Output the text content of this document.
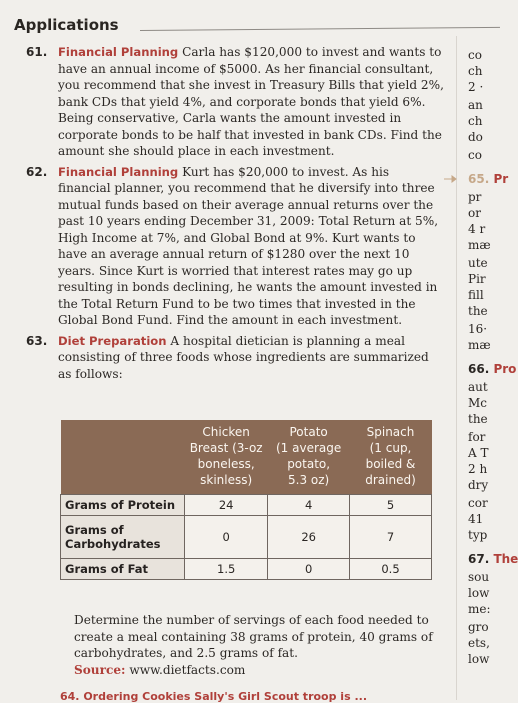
Applications
61. Financial Planning Carla has $120,000 to invest and wants to have an annual income of $5000. As her financial consultant, you recommend that she invest in Treasury Bills that yield 2%, bank CDs that yield 4%, and corporate bonds that yield 6%. Being conservative, Carla wants the amount invested in corporate bonds to be half that invested in bank CDs. Find the amount she should place in each investment.
62. Financial Planning Kurt has $20,000 to invest. As his financial planner, you recommend that he diversify into three mutual funds based on their average annual returns over the past 10 years ending December 31, 2009: Total Return at 5%, High Income at 7%, and Global Bond at 9%. Kurt wants to have an average annual return of $1280 over the next 10 years. Since Kurt is worried that interest rates may go up resulting in bonds declining, he wants the amount invested in the Total Return Fund to be two times that invested in the Global Bond Fund. Find the amount in each investment.
63. Diet Preparation A hospital dietician is planning a meal consisting of three foods whose ingredients are summarized as follows:
	Chicken
Breast (3-oz
boneless,
skinless)	Potato
(1 average
potato,
5.3 oz)	Spinach
(1 cup,
boiled &
drained)
Grams of Protein	24	4	5
Grams of Carbohydrates	0	26	7
Grams of Fat	1.5	0	0.5
Determine the number of servings of each food needed to create a meal containing 38 grams of protein, 40 grams of carbohydrates, and 2.5 grams of fat.
Source: www.dietfacts.com
64. Ordering Cookies Sally's Girl Scout troop is ...
co
ch
2 ·
an
ch
do
co
65. Pr
pr
or
4 r
mæ
ute
Pir
fill
the
16·
mæ
66. Pro
aut
Mc
the
for
A T
2 h
dry
cor
41
typ
67. The
sou
low
me:
gro
ets,
low
